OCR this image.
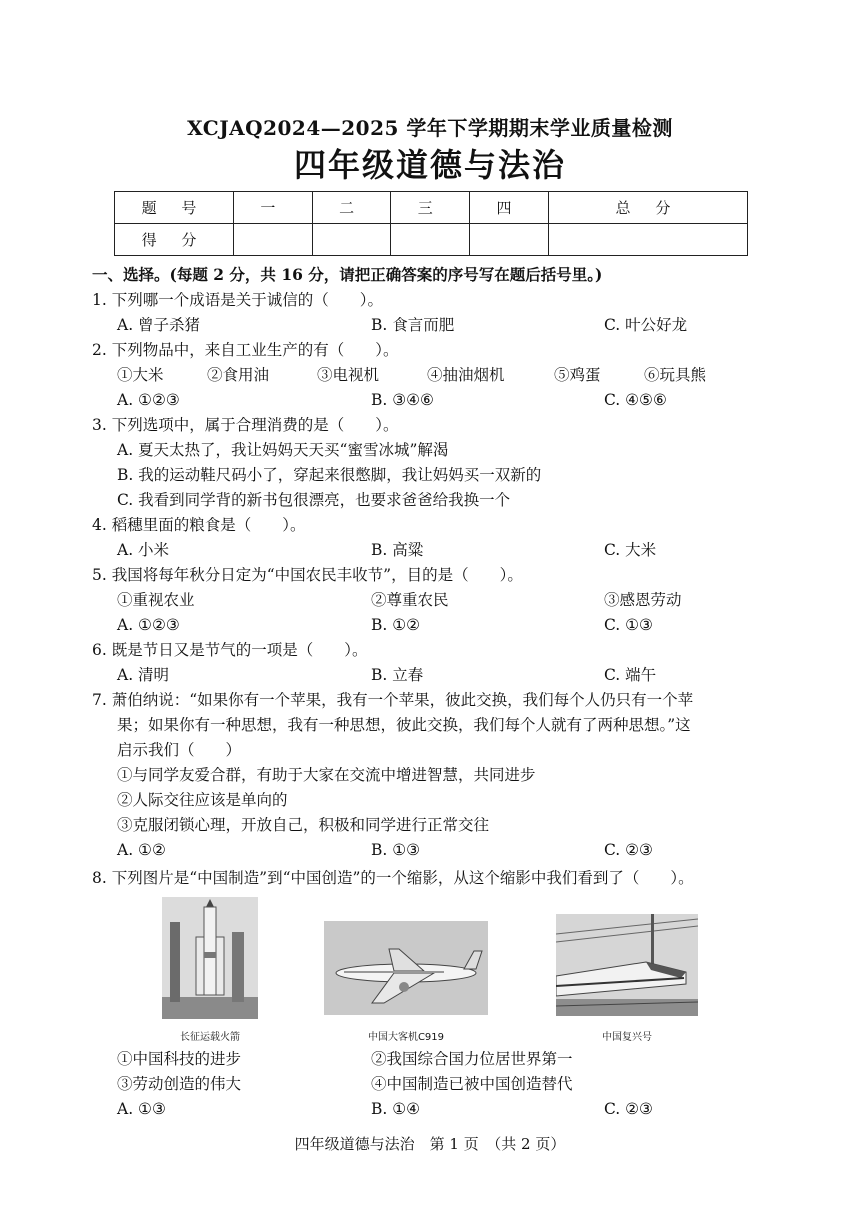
XCJAQ2024—2025 学年下学期期末学业质量检测
四年级道德与法治
题 号	一	二	三	四	总 分
得 分					
一、选择。(每题 2 分，共 16 分，请把正确答案的序号写在题后括号里。)
1. 下列哪一个成语是关于诚信的（　　）。
A. 曾子杀猪	B. 食言而肥	C. 叶公好龙
2. 下列物品中，来自工业生产的有（　　）。
①大米	②食用油	③电视机	④抽油烟机	⑤鸡蛋	⑥玩具熊
A. ①②③	B. ③④⑥	C. ④⑤⑥
3. 下列选项中，属于合理消费的是（　　）。
A. 夏天太热了，我让妈妈天天买“蜜雪冰城”解渴
B. 我的运动鞋尺码小了，穿起来很憋脚，我让妈妈买一双新的
C. 我看到同学背的新书包很漂亮，也要求爸爸给我换一个
4. 稻穗里面的粮食是（　　）。
A. 小米	B. 高粱	C. 大米
5. 我国将每年秋分日定为“中国农民丰收节”，目的是（　　）。
①重视农业	②尊重农民	③感恩劳动
A. ①②③	B. ①②	C. ①③
6. 既是节日又是节气的一项是（　　）。
A. 清明	B. 立春	C. 端午
7. 萧伯纳说：“如果你有一个苹果，我有一个苹果，彼此交换，我们每个人仍只有一个苹
果；如果你有一种思想，我有一种思想，彼此交换，我们每个人就有了两种思想。”这
启示我们（　　）
①与同学友爱合群，有助于大家在交流中增进智慧，共同进步
②人际交往应该是单向的
③克服闭锁心理，开放自己，积极和同学进行正常交往
A. ①②	B. ①③	C. ②③
8. 下列图片是“中国制造”到“中国创造”的一个缩影，从这个缩影中我们看到了（　　）。
长征运载火箭	中国大客机C919	中国复兴号
①中国科技的进步	②我国综合国力位居世界第一
③劳动创造的伟大	④中国制造已被中国创造替代
A. ①③	B. ①④	C. ②③
四年级道德与法治　第 1 页　（共 2 页）
